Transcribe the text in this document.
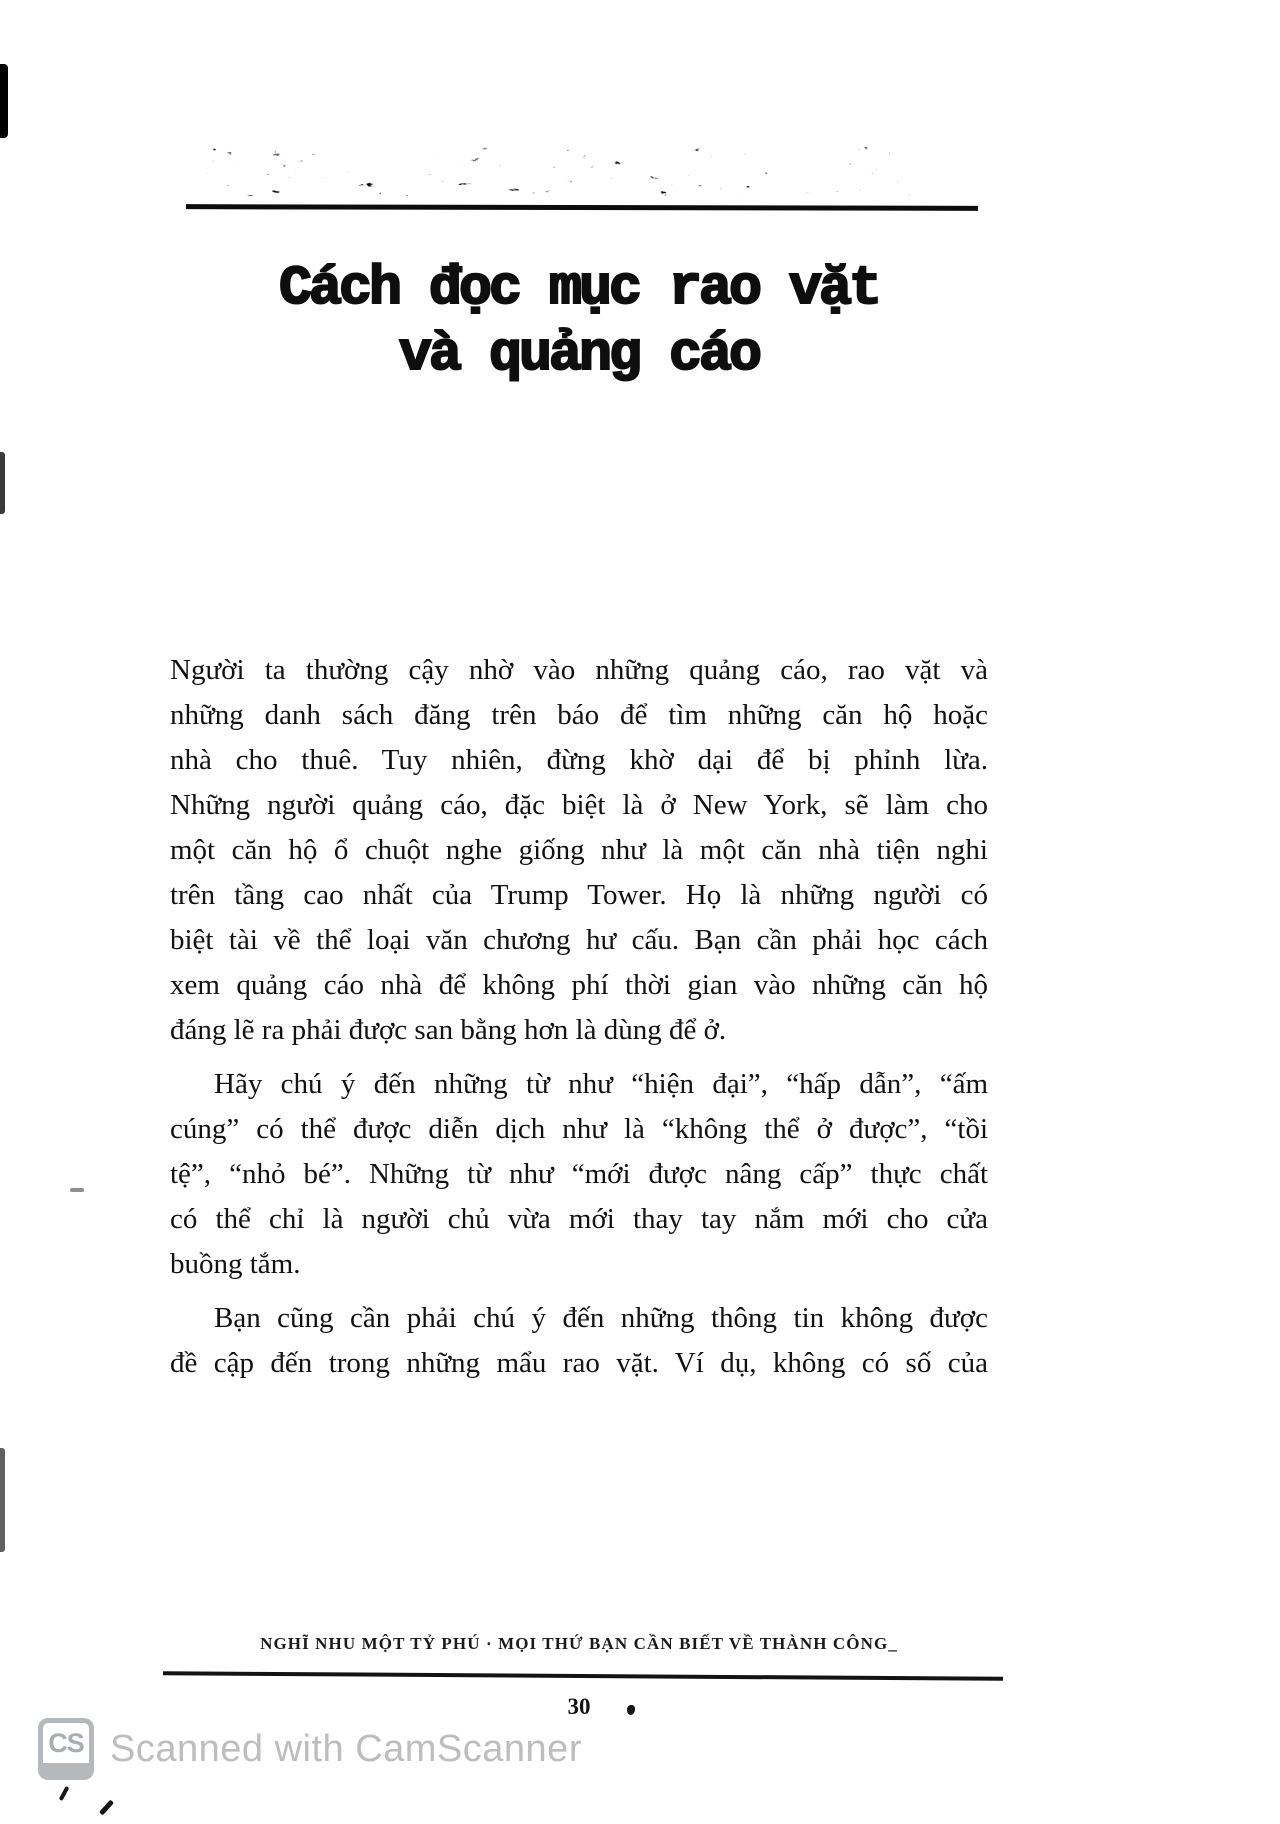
Cách đọc mục rao vặt
và quảng cáo
Người ta thường cậy nhờ vào những quảng cáo, rao vặt và
những danh sách đăng trên báo để tìm những căn hộ hoặc
nhà cho thuê. Tuy nhiên, đừng khờ dại để bị phỉnh lừa.
Những người quảng cáo, đặc biệt là ở New York, sẽ làm cho
một căn hộ ổ chuột nghe giống như là một căn nhà tiện nghi
trên tầng cao nhất của Trump Tower. Họ là những người có
biệt tài về thể loại văn chương hư cấu. Bạn cần phải học cách
xem quảng cáo nhà để không phí thời gian vào những căn hộ
đáng lẽ ra phải được san bằng hơn là dùng để ở.
Hãy chú ý đến những từ như “hiện đại”, “hấp dẫn”, “ấm
cúng” có thể được diễn dịch như là “không thể ở được”, “tồi
tệ”, “nhỏ bé”. Những từ như “mới được nâng cấp” thực chất
có thể chỉ là người chủ vừa mới thay tay nắm mới cho cửa
buồng tắm.
Bạn cũng cần phải chú ý đến những thông tin không được
đề cập đến trong những mẩu rao vặt. Ví dụ, không có số của
NGHĨ NHU MỘT TỶ PHÚ · MỌI THỨ BẠN CẦN BIẾT VỀ THÀNH CÔNG_
30
CS Scanned with CamScanner
